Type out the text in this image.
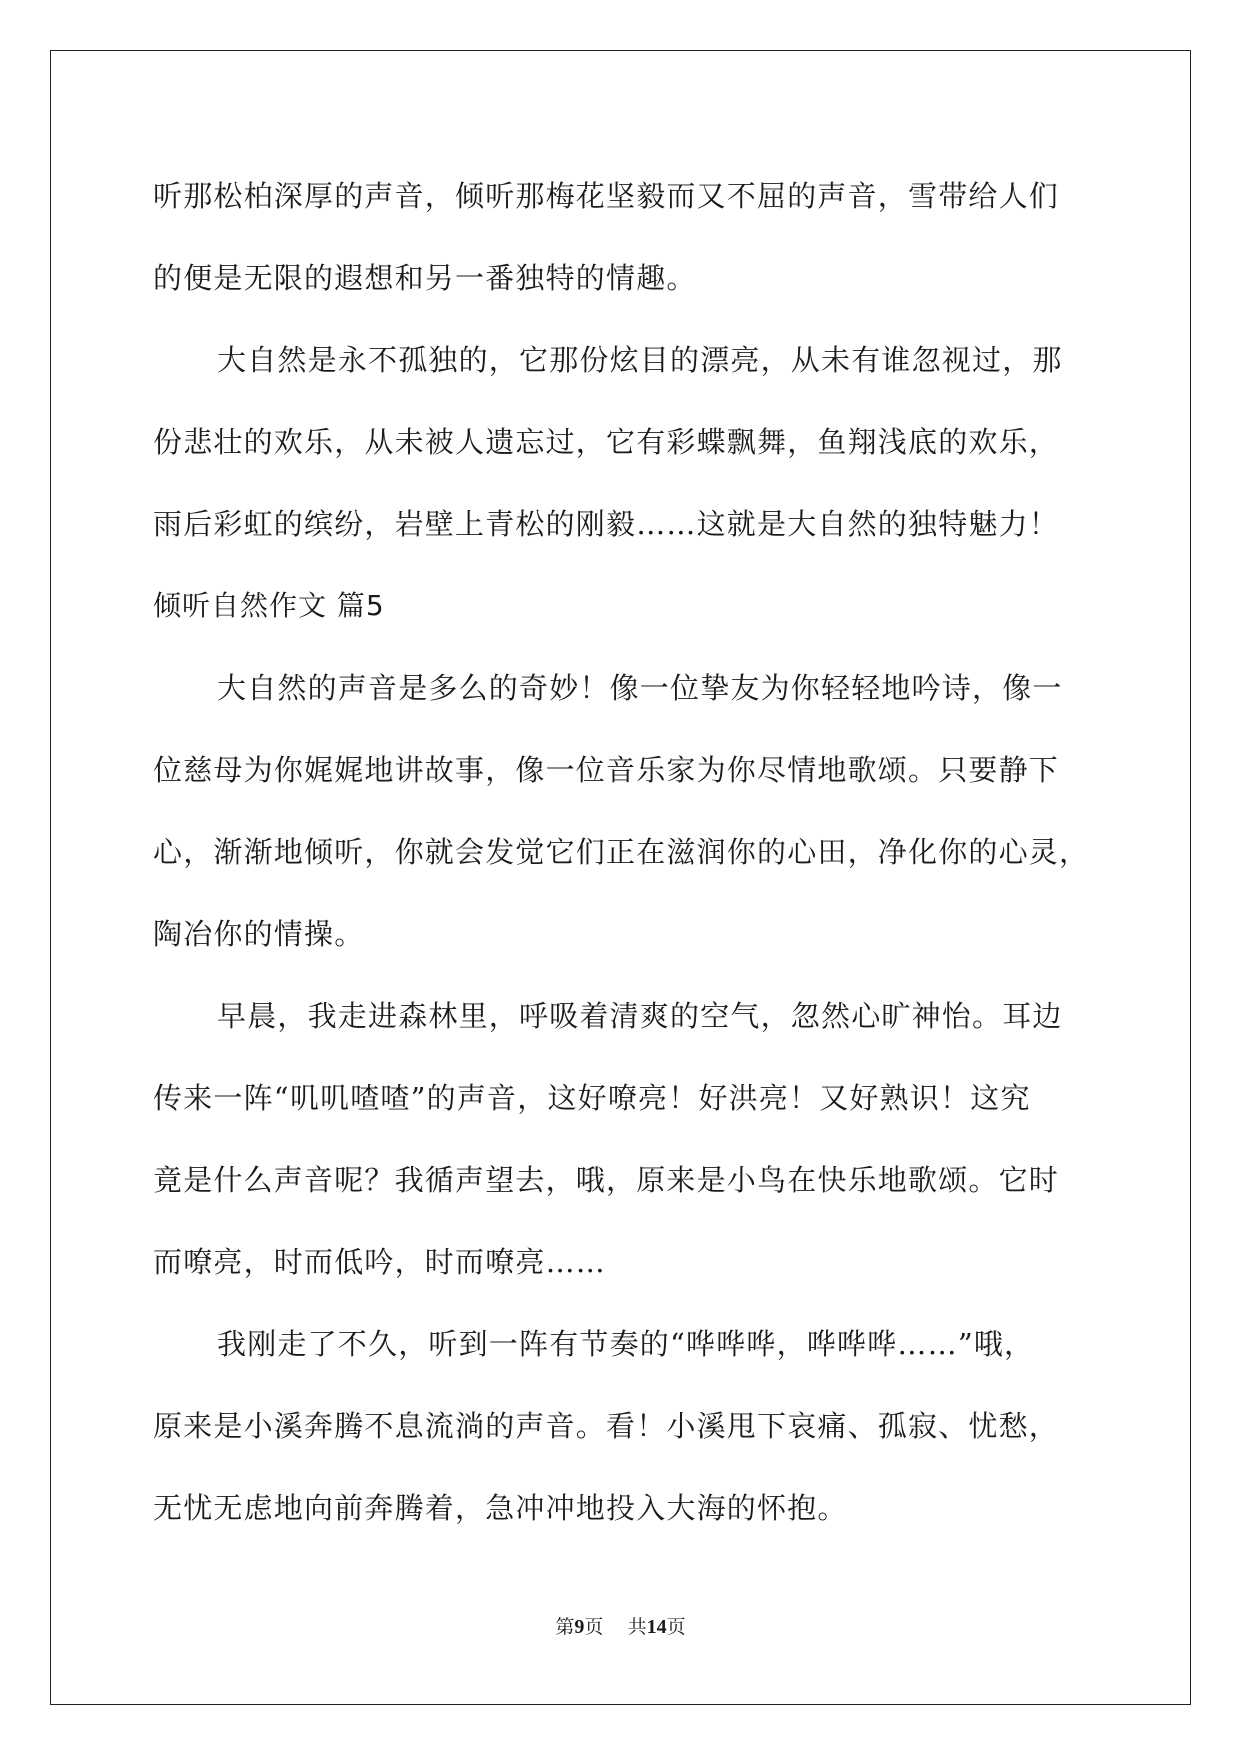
听那松柏深厚的声音，倾听那梅花坚毅而又不屈的声音，雪带给人们
的便是无限的遐想和另一番独特的情趣。
大自然是永不孤独的，它那份炫目的漂亮，从未有谁忽视过，那
份悲壮的欢乐，从未被人遗忘过，它有彩蝶飘舞，鱼翔浅底的欢乐，
雨后彩虹的缤纷，岩壁上青松的刚毅……这就是大自然的独特魅力！
倾听自然作文 篇5
大自然的声音是多么的奇妙！像一位挚友为你轻轻地吟诗，像一
位慈母为你娓娓地讲故事，像一位音乐家为你尽情地歌颂。只要静下
心，渐渐地倾听，你就会发觉它们正在滋润你的心田，净化你的心灵，
陶冶你的情操。
早晨，我走进森林里，呼吸着清爽的空气，忽然心旷神怡。耳边
传来一阵“叽叽喳喳”的声音，这好嘹亮！好洪亮！又好熟识！这究
竟是什么声音呢？我循声望去，哦，原来是小鸟在快乐地歌颂。它时
而嘹亮，时而低吟，时而嘹亮……
我刚走了不久，听到一阵有节奏的“哗哗哗，哗哗哗……”哦，
原来是小溪奔腾不息流淌的声音。看！小溪甩下哀痛、孤寂、忧愁，
无忧无虑地向前奔腾着，急冲冲地投入大海的怀抱。
第9页 共14页
